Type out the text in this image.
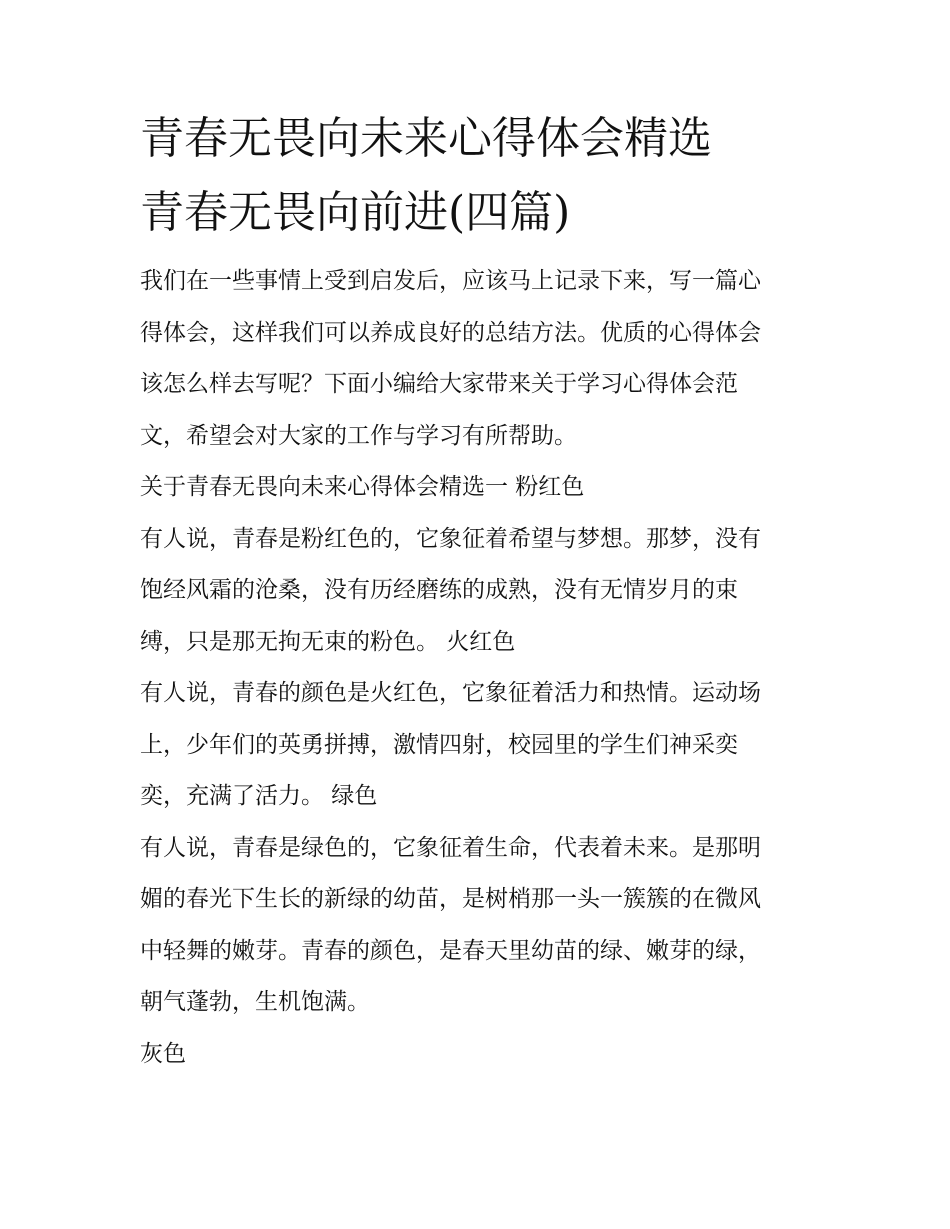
青春无畏向未来心得体会精选
青春无畏向前进(四篇)
我们在一些事情上受到启发后，应该马上记录下来，写一篇心
得体会，这样我们可以养成良好的总结方法。优质的心得体会
该怎么样去写呢？下面小编给大家带来关于学习心得体会范
文，希望会对大家的工作与学习有所帮助。
关于青春无畏向未来心得体会精选一 粉红色
有人说，青春是粉红色的，它象征着希望与梦想。那梦，没有
饱经风霜的沧桑，没有历经磨练的成熟，没有无情岁月的束
缚，只是那无拘无束的粉色。 火红色
有人说，青春的颜色是火红色，它象征着活力和热情。运动场
上，少年们的英勇拼搏，激情四射，校园里的学生们神采奕
奕，充满了活力。 绿色
有人说，青春是绿色的，它象征着生命，代表着未来。是那明
媚的春光下生长的新绿的幼苗，是树梢那一头一簇簇的在微风
中轻舞的嫩芽。青春的颜色，是春天里幼苗的绿、嫩芽的绿，
朝气蓬勃，生机饱满。
灰色
